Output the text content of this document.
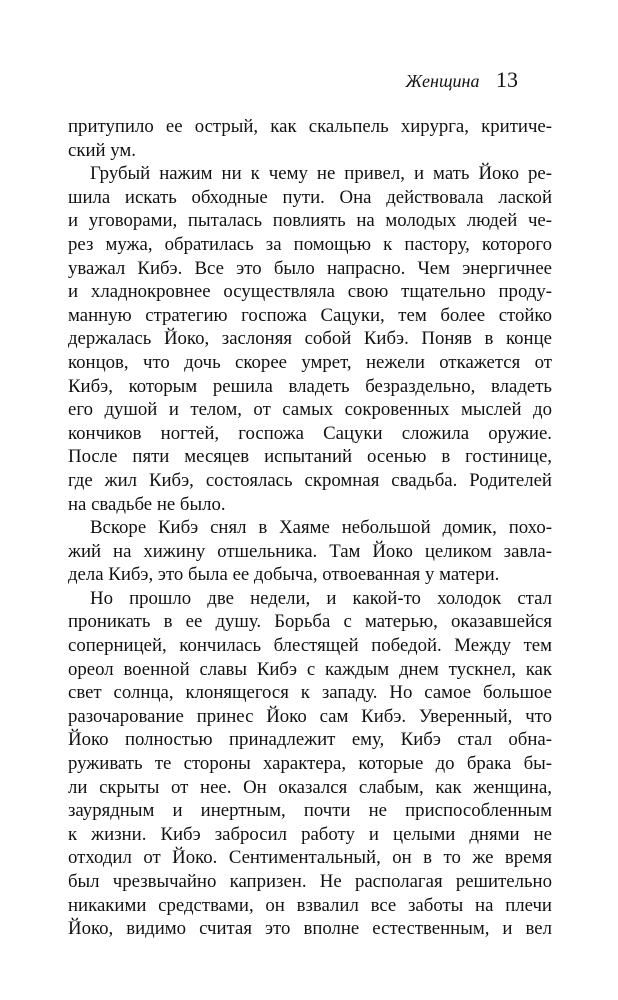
Женщина 13
притупило ее острый, как скальпель хирурга, критиче-
ский ум.
Грубый нажим ни к чему не привел, и мать Йоко ре-
шила искать обходные пути. Она действовала лаской
и уговорами, пыталась повлиять на молодых людей че-
рез мужа, обратилась за помощью к пастору, которого
уважал Кибэ. Все это было напрасно. Чем энергичнее
и хладнокровнее осуществляла свою тщательно проду-
манную стратегию госпожа Сацуки, тем более стойко
держалась Йоко, заслоняя собой Кибэ. Поняв в конце
концов, что дочь скорее умрет, нежели откажется от
Кибэ, которым решила владеть безраздельно, владеть
его душой и телом, от самых сокровенных мыслей до
кончиков ногтей, госпожа Сацуки сложила оружие.
После пяти месяцев испытаний осенью в гостинице,
где жил Кибэ, состоялась скромная свадьба. Родителей
на свадьбе не было.
Вскоре Кибэ снял в Хаяме небольшой домик, похо-
жий на хижину отшельника. Там Йоко целиком завла-
дела Кибэ, это была ее добыча, отвоеванная у матери.
Но прошло две недели, и какой-то холодок стал
проникать в ее душу. Борьба с матерью, оказавшейся
соперницей, кончилась блестящей победой. Между тем
ореол военной славы Кибэ с каждым днем тускнел, как
свет солнца, клонящегося к западу. Но самое большое
разочарование принес Йоко сам Кибэ. Уверенный, что
Йоко полностью принадлежит ему, Кибэ стал обна-
руживать те стороны характера, которые до брака бы-
ли скрыты от нее. Он оказался слабым, как женщина,
заурядным и инертным, почти не приспособленным
к жизни. Кибэ забросил работу и целыми днями не
отходил от Йоко. Сентиментальный, он в то же время
был чрезвычайно капризен. Не располагая решительно
никакими средствами, он взвалил все заботы на плечи
Йоко, видимо считая это вполне естественным, и вел
